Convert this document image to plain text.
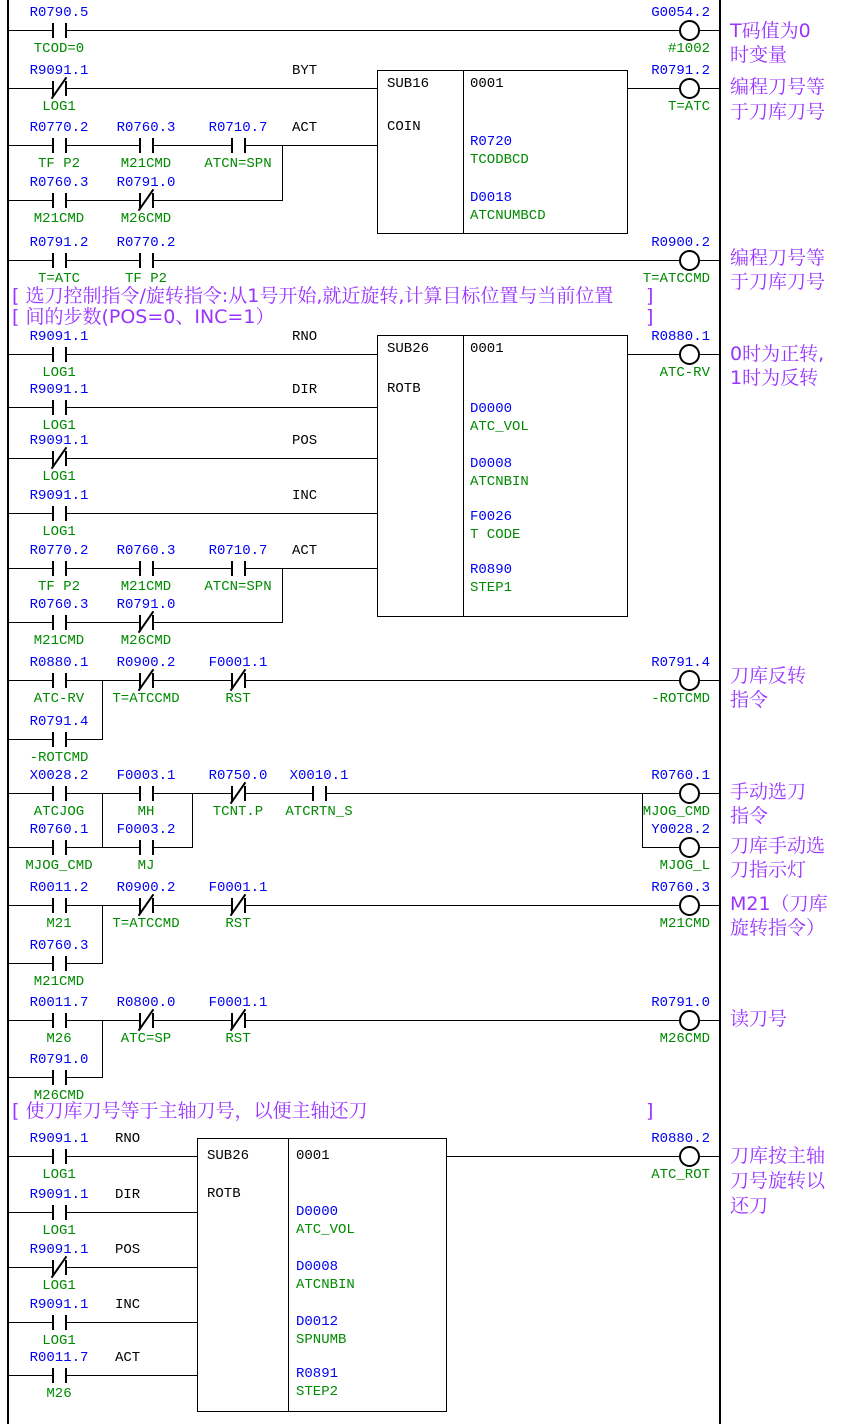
R0790.5
TCOD=0
G0054.2
#1002
T码值为0
时变量
R9091.1
LOG1
BYT
R0770.2
TF P2
R0760.3
M21CMD
R0710.7
ATCN=SPN
ACT
R0760.3
M21CMD
R0791.0
M26CMD
SUB16
COIN
0001
R0720
TCODBCD
D0018
ATCNUMBCD
R0791.2
T=ATC
编程刀号等
于刀库刀号
R0791.2
T=ATC
R0770.2
TF P2
R0900.2
T=ATCCMD
编程刀号等
于刀库刀号
[ 选刀控制指令/旋转指令:从1号开始,就近旋转,计算目标位置与当前位置 ]
[ 间的步数(POS=0、INC=1）	]
R9091.1
LOG1
RNO
R9091.1
LOG1
DIR
R9091.1
LOG1
POS
R9091.1
LOG1
INC
R0770.2
TF P2
R0760.3
M21CMD
R0710.7
ATCN=SPN
ACT
R0760.3
M21CMD
R0791.0
M26CMD
SUB26
ROTB
0001
D0000
ATC_VOL
D0008
ATCNBIN
F0026
T CODE
R0890
STEP1
R0880.1
ATC-RV
0时为正转,
1时为反转
R0880.1
ATC-RV
R0900.2
T=ATCCMD
F0001.1
RST
R0791.4
-ROTCMD
R0791.4
-ROTCMD
刀库反转
指令
X0028.2
ATCJOG
F0003.1
MH
R0750.0
TCNT.P
X0010.1
ATCRTN_S
R0760.1
MJOG_CMD
F0003.2
MJ
R0760.1
MJOG_CMD
Y0028.2
MJOG_L
手动选刀
指令
刀库手动选
刀指示灯
R0011.2
M21
R0900.2
T=ATCCMD
F0001.1
RST
R0760.3
M21CMD
R0760.3
M21CMD
M21（刀库
旋转指令）
R0011.7
M26
R0800.0
ATC=SP
F0001.1
RST
R0791.0
M26CMD
R0791.0
M26CMD
读刀号
[ 使刀库刀号等于主轴刀号，以便主轴还刀	]
R9091.1
LOG1
RNO
R9091.1
LOG1
DIR
R9091.1
LOG1
POS
R9091.1
LOG1
INC
R0011.7
M26
ACT
SUB26
ROTB
0001
D0000
ATC_VOL
D0008
ATCNBIN
D0012
SPNUMB
R0891
STEP2
R0880.2
ATC_ROT
刀库按主轴
刀号旋转以
还刀
